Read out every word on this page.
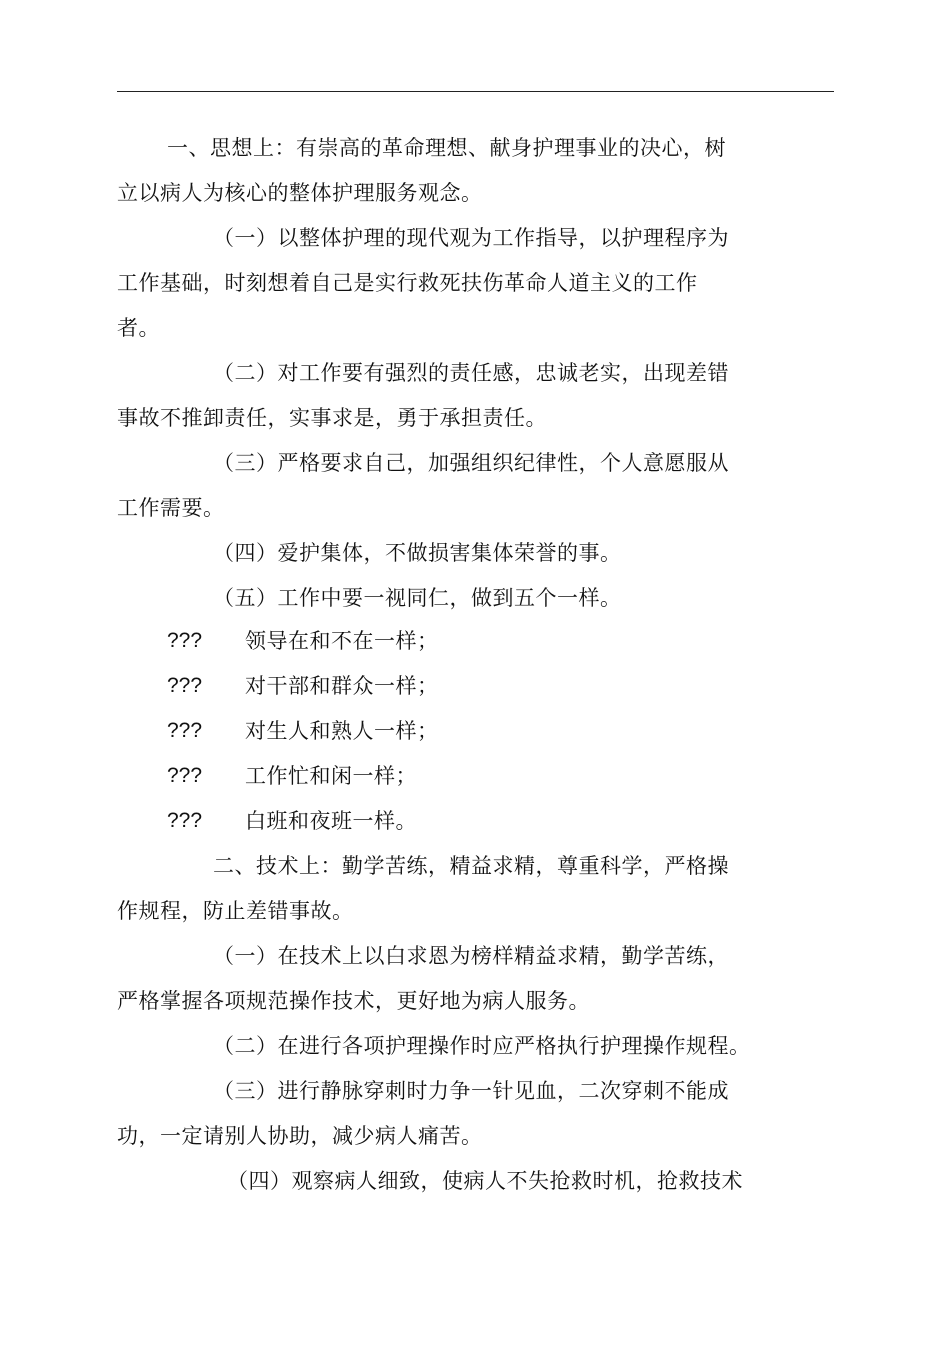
一、思想上：有崇高的革命理想、献身护理事业的决心，树
立以病人为核心的整体护理服务观念。
（一）以整体护理的现代观为工作指导，以护理程序为
工作基础，时刻想着自己是实行救死扶伤革命人道主义的工作
者。
（二）对工作要有强烈的责任感，忠诚老实，出现差错
事故不推卸责任，实事求是，勇于承担责任。
（三）严格要求自己，加强组织纪律性，个人意愿服从
工作需要。
（四）爱护集体，不做损害集体荣誉的事。
（五）工作中要一视同仁，做到五个一样。
??? 领导在和不在一样；
??? 对干部和群众一样；
??? 对生人和熟人一样；
??? 工作忙和闲一样；
??? 白班和夜班一样。
二、技术上：勤学苦练，精益求精，尊重科学，严格操
作规程，防止差错事故。
（一）在技术上以白求恩为榜样精益求精，勤学苦练，
严格掌握各项规范操作技术，更好地为病人服务。
（二）在进行各项护理操作时应严格执行护理操作规程。
（三）进行静脉穿刺时力争一针见血，二次穿刺不能成
功，一定请别人协助，减少病人痛苦。
（四）观察病人细致，使病人不失抢救时机，抢救技术
